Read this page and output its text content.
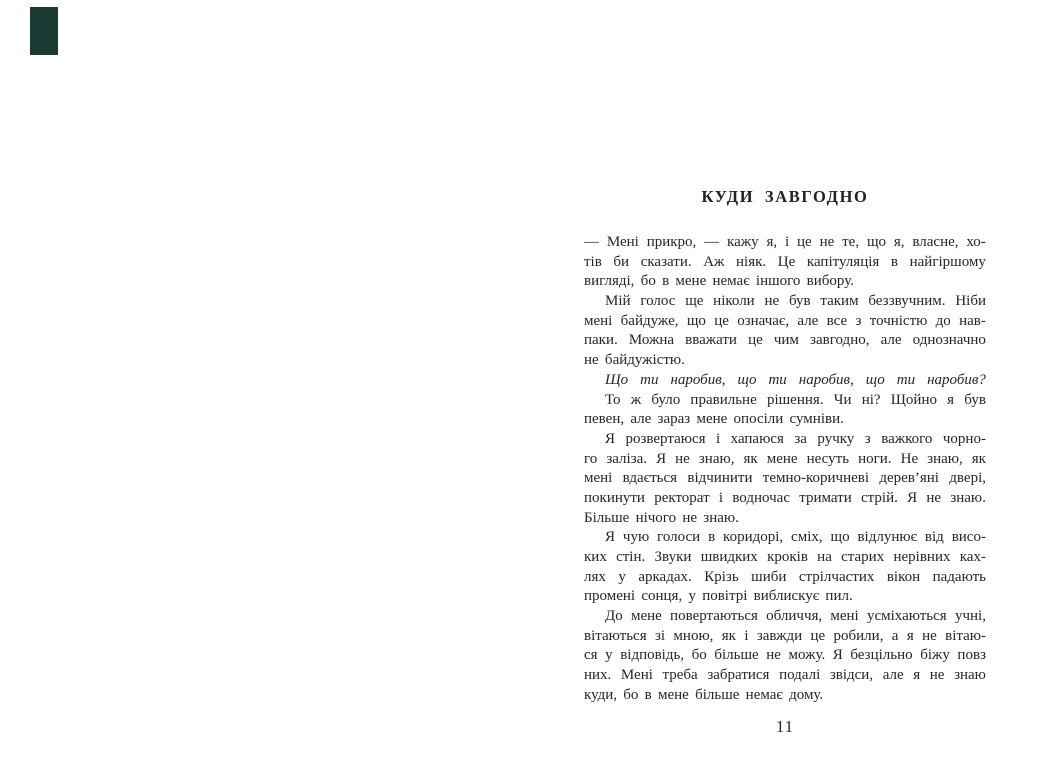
КУДИ ЗАВГОДНО
— Мені прикро, — кажу я, і це не те, що я, власне, хо-
тів би сказати. Аж ніяк. Це капітуляція в найгіршому
вигляді, бо в мене немає іншого вибору.
Мій голос ще ніколи не був таким беззвучним. Ніби
мені байдуже, що це означає, але все з точністю до нав-
паки. Можна вважати це чим завгодно, але однозначно
не байдужістю.
Що ти наробив, що ти наробив, що ти наробив?
То ж було правильне рішення. Чи ні? Щойно я був
певен, але зараз мене опосіли сумніви.
Я розвертаюся і хапаюся за ручку з важкого чорно-
го заліза. Я не знаю, як мене несуть ноги. Не знаю, як
мені вдається відчинити темно-коричневі дерев’яні двері,
покинути ректорат і водночас тримати стрій. Я не знаю.
Більше нічого не знаю.
Я чую голоси в коридорі, сміх, що відлунює від висо-
ких стін. Звуки швидких кроків на старих нерівних ках-
лях у аркадах. Крізь шиби стрілчастих вікон падають
промені сонця, у повітрі виблискує пил.
До мене повертаються обличчя, мені усміхаються учні,
вітаються зі мною, як і завжди це робили, а я не вітаю-
ся у відповідь, бо більше не можу. Я безцільно біжу повз
них. Мені треба забратися подалі звідси, але я не знаю
куди, бо в мене більше немає дому.
11
